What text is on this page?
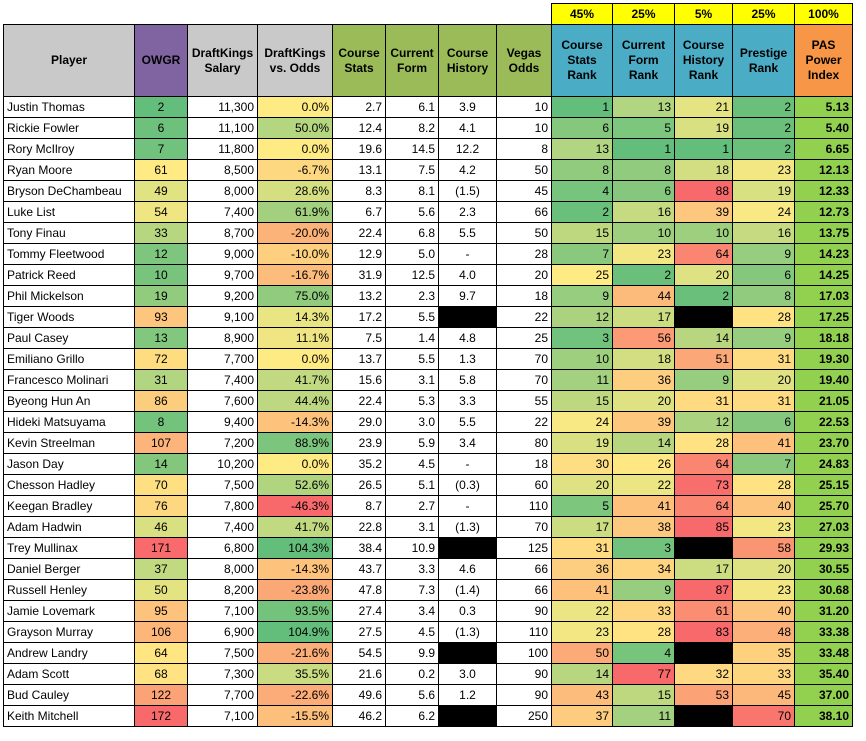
								45%	25%	5%	25%	100%
Player	OWGR	DraftKings Salary	DraftKings vs. Odds	Course Stats	Current Form	Course History	Vegas Odds	Course Stats Rank	Current Form Rank	Course History Rank	Prestige Rank	PAS Power Index
Justin Thomas	2	11,300	0.0%	2.7	6.1	3.9	10	1	13	21	2	5.13
Rickie Fowler	6	11,100	50.0%	12.4	8.2	4.1	10	6	5	19	2	5.40
Rory McIlroy	7	11,800	0.0%	19.6	14.5	12.2	8	13	1	1	2	6.65
Ryan Moore	61	8,500	-6.7%	13.1	7.5	4.2	50	8	8	18	23	12.13
Bryson DeChambeau	49	8,000	28.6%	8.3	8.1	(1.5)	45	4	6	88	19	12.33
Luke List	54	7,400	61.9%	6.7	5.6	2.3	66	2	16	39	24	12.73
Tony Finau	33	8,700	-20.0%	22.4	6.8	5.5	50	15	10	10	16	13.75
Tommy Fleetwood	12	9,000	-10.0%	12.9	5.0	-	28	7	23	64	9	14.23
Patrick Reed	10	9,700	-16.7%	31.9	12.5	4.0	20	25	2	20	6	14.25
Phil Mickelson	19	9,200	75.0%	13.2	2.3	9.7	18	9	44	2	8	17.03
Tiger Woods	93	9,100	14.3%	17.2	5.5		22	12	17		28	17.25
Paul Casey	13	8,900	11.1%	7.5	1.4	4.8	25	3	56	14	9	18.18
Emiliano Grillo	72	7,700	0.0%	13.7	5.5	1.3	70	10	18	51	31	19.30
Francesco Molinari	31	7,400	41.7%	15.6	3.1	5.8	70	11	36	9	20	19.40
Byeong Hun An	86	7,600	44.4%	22.4	5.3	3.3	55	15	20	31	31	21.05
Hideki Matsuyama	8	9,400	-14.3%	29.0	3.0	5.5	22	24	39	12	6	22.53
Kevin Streelman	107	7,200	88.9%	23.9	5.9	3.4	80	19	14	28	41	23.70
Jason Day	14	10,200	0.0%	35.2	4.5	-	18	30	26	64	7	24.83
Chesson Hadley	70	7,500	52.6%	26.5	5.1	(0.3)	60	20	22	73	28	25.15
Keegan Bradley	76	7,800	-46.3%	8.7	2.7	-	110	5	41	64	40	25.70
Adam Hadwin	46	7,400	41.7%	22.8	3.1	(1.3)	70	17	38	85	23	27.03
Trey Mullinax	171	6,800	104.3%	38.4	10.9		125	31	3		58	29.93
Daniel Berger	37	8,000	-14.3%	43.7	3.3	4.6	66	36	34	17	20	30.55
Russell Henley	50	8,200	-23.8%	47.8	7.3	(1.4)	66	41	9	87	23	30.68
Jamie Lovemark	95	7,100	93.5%	27.4	3.4	0.3	90	22	33	61	40	31.20
Grayson Murray	106	6,900	104.9%	27.5	4.5	(1.3)	110	23	28	83	48	33.38
Andrew Landry	64	7,500	-21.6%	54.5	9.9		100	50	4		35	33.48
Adam Scott	68	7,300	35.5%	21.6	0.2	3.0	90	14	77	32	33	35.40
Bud Cauley	122	7,700	-22.6%	49.6	5.6	1.2	90	43	15	53	45	37.00
Keith Mitchell	172	7,100	-15.5%	46.2	6.2		250	37	11		70	38.10
